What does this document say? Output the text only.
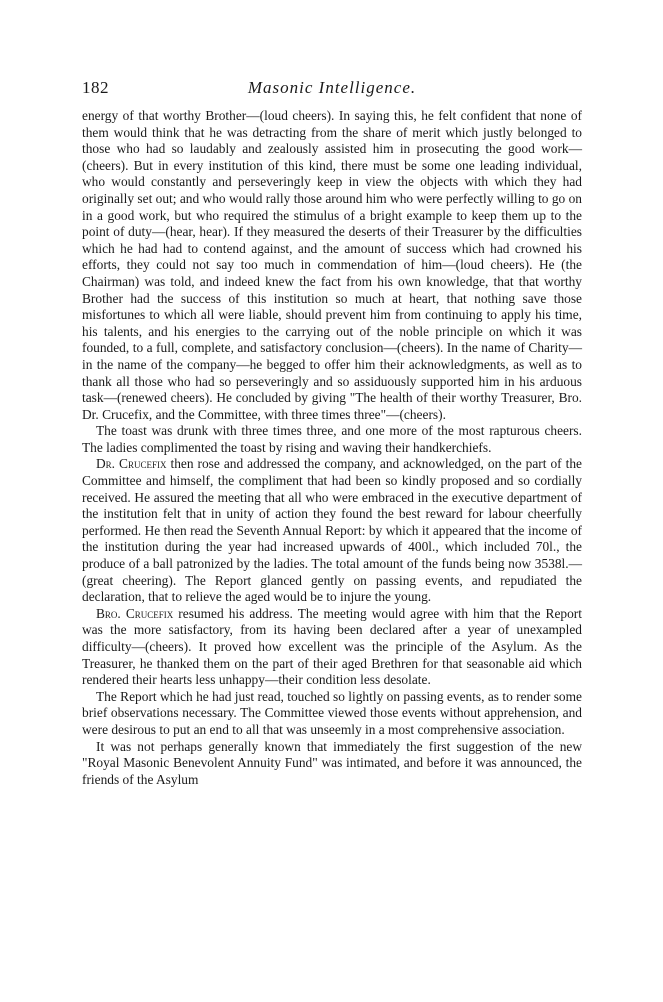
182	Masonic Intelligence.

energy of that worthy Brother—(loud cheers). In saying this, he felt confident that none of them would think that he was detracting from the share of merit which justly belonged to those who had so laudably and zealously assisted him in prosecuting the good work—(cheers). But in every institution of this kind, there must be some one leading individual, who would constantly and perseveringly keep in view the objects with which they had originally set out; and who would rally those around him who were perfectly willing to go on in a good work, but who required the stimulus of a bright example to keep them up to the point of duty—(hear, hear). If they measured the deserts of their Treasurer by the difficulties which he had had to contend against, and the amount of success which had crowned his efforts, they could not say too much in commendation of him—(loud cheers). He (the Chairman) was told, and indeed knew the fact from his own knowledge, that that worthy Brother had the success of this institution so much at heart, that nothing save those misfortunes to which all were liable, should prevent him from continuing to apply his time, his talents, and his energies to the carrying out of the noble principle on which it was founded, to a full, complete, and satisfactory conclusion—(cheers). In the name of Charity—in the name of the company—he begged to offer him their acknowledgments, as well as to thank all those who had so perseveringly and so assiduously supported him in his arduous task—(renewed cheers). He concluded by giving "The health of their worthy Treasurer, Bro. Dr. Crucefix, and the Committee, with three times three"—(cheers).

The toast was drunk with three times three, and one more of the most rapturous cheers. The ladies complimented the toast by rising and waving their handkerchiefs.

Dr. Crucefix then rose and addressed the company, and acknowledged, on the part of the Committee and himself, the compliment that had been so kindly proposed and so cordially received. He assured the meeting that all who were embraced in the executive department of the institution felt that in unity of action they found the best reward for labour cheerfully performed. He then read the Seventh Annual Report: by which it appeared that the income of the institution during the year had increased upwards of 400l., which included 70l., the produce of a ball patronized by the ladies. The total amount of the funds being now 3538l.—(great cheering). The Report glanced gently on passing events, and repudiated the declaration, that to relieve the aged would be to injure the young.

Bro. Crucefix resumed his address. The meeting would agree with him that the Report was the more satisfactory, from its having been declared after a year of unexampled difficulty—(cheers). It proved how excellent was the principle of the Asylum. As the Treasurer, he thanked them on the part of their aged Brethren for that seasonable aid which rendered their hearts less unhappy—their condition less desolate.

The Report which he had just read, touched so lightly on passing events, as to render some brief observations necessary. The Committee viewed those events without apprehension, and were desirous to put an end to all that was unseemly in a most comprehensive association.

It was not perhaps generally known that immediately the first suggestion of the new "Royal Masonic Benevolent Annuity Fund" was intimated, and before it was announced, the friends of the Asylum
